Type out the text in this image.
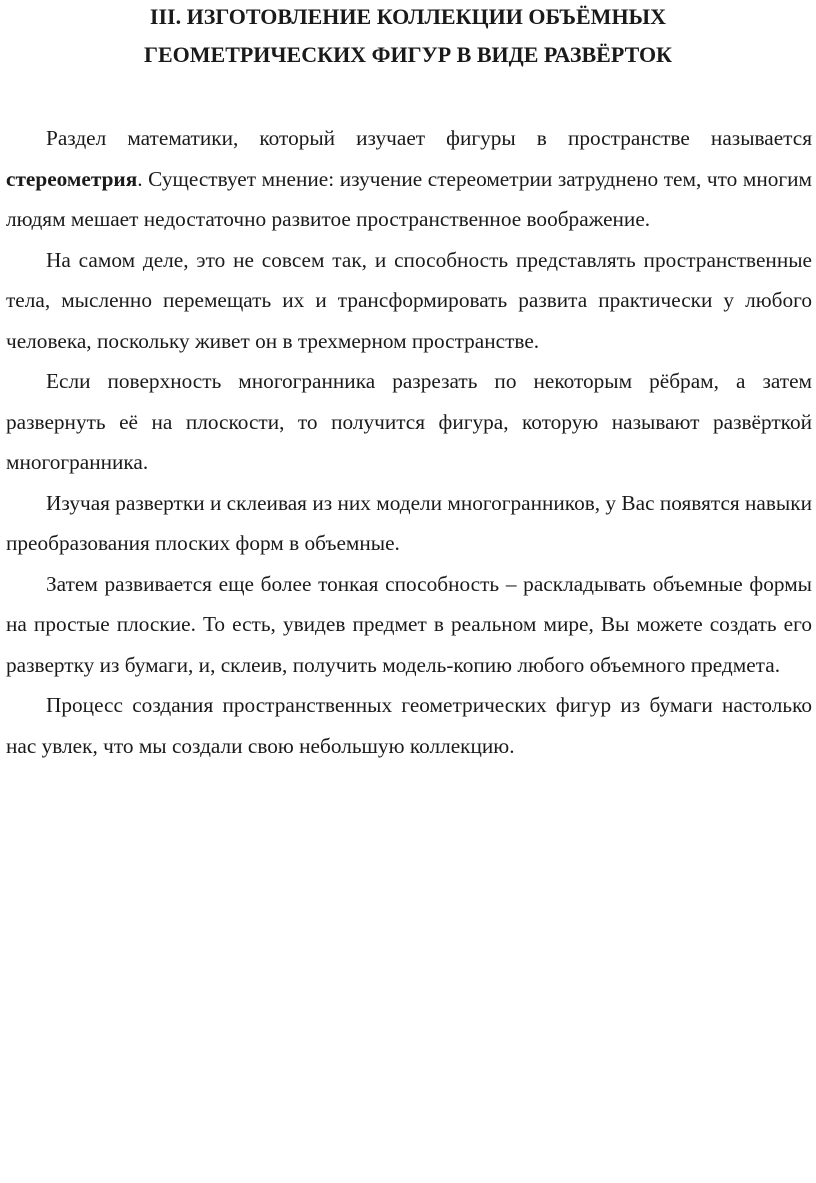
III. ИЗГОТОВЛЕНИЕ КОЛЛЕКЦИИ ОБЪЁМНЫХ
ГЕОМЕТРИЧЕСКИХ ФИГУР В ВИДЕ РАЗВЁРТОК

Раздел математики, который изучает фигуры в пространстве называется стереометрия. Существует мнение: изучение стереометрии затруднено тем, что многим людям мешает недостаточно развитое пространственное воображение.

На самом деле, это не совсем так, и способность представлять пространственные тела, мысленно перемещать их и трансформировать развита практически у любого человека, поскольку живет он в трехмерном пространстве.

Если поверхность многогранника разрезать по некоторым рёбрам, а затем развернуть её на плоскости, то получится фигура, которую называют развёрткой многогранника.

Изучая развертки и склеивая из них модели многогранников, у Вас появятся навыки преобразования плоских форм в объемные.

Затем развивается еще более тонкая способность – раскладывать объемные формы на простые плоские. То есть, увидев предмет в реальном мире, Вы можете создать его развертку из бумаги, и, склеив, получить модель-копию любого объемного предмета.

Процесс создания пространственных геометрических фигур из бумаги настолько нас увлек, что мы создали свою небольшую коллекцию.
